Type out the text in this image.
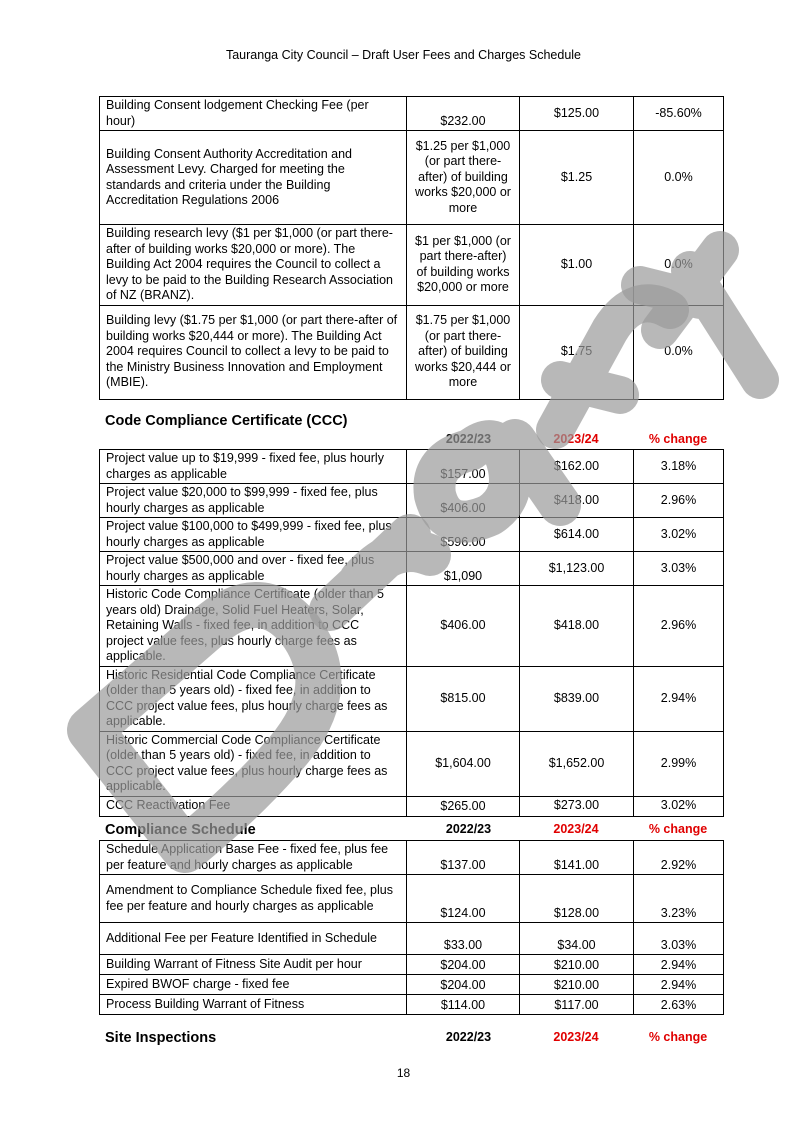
Tauranga City Council – Draft User Fees and Charges Schedule
Building Consent lodgement Checking Fee (per hour)	$232.00	$125.00	-85.60%
Building Consent Authority Accreditation and Assessment Levy. Charged for meeting the standards and criteria under the Building Accreditation Regulations 2006	$1.25 per $1,000 (or part there-after) of building works $20,000 or more	$1.25	0.0%
Building research levy ($1 per $1,000 (or part there-after of building works $20,000 or more). The Building Act 2004 requires the Council to collect a levy to be paid to the Building Research Association of NZ (BRANZ).	$1 per $1,000 (or part there-after) of building works $20,000 or more	$1.00	0.0%
Building levy ($1.75 per $1,000 (or part there-after of building works $20,444 or more). The Building Act 2004 requires Council to collect a levy to be paid to the Ministry Business Innovation and Employment (MBIE).	$1.75 per $1,000 (or part there-after) of building works $20,444 or more	$1.75	0.0%
Code Compliance Certificate (CCC)
2022/23	2023/24	% change
Project value up to $19,999 - fixed fee, plus hourly charges as applicable	$157.00	$162.00	3.18%
Project value $20,000 to $99,999 - fixed fee, plus hourly charges as applicable	$406.00	$418.00	2.96%
Project value $100,000 to $499,999 - fixed fee, plus hourly charges as applicable	$596.00	$614.00	3.02%
Project value $500,000 and over - fixed fee, plus hourly charges as applicable	$1,090	$1,123.00	3.03%
Historic Code Compliance Certificate (older than 5 years old) Drainage, Solid Fuel Heaters, Solar, Retaining Walls - fixed fee, in addition to CCC project value fees, plus hourly charge fees as applicable.	$406.00	$418.00	2.96%
Historic Residential Code Compliance Certificate (older than 5 years old) - fixed fee, in addition to CCC project value fees, plus hourly charge fees as applicable.	$815.00	$839.00	2.94%
Historic Commercial Code Compliance Certificate (older than 5 years old) - fixed fee, in addition to CCC project value fees, plus hourly charge fees as applicable.	$1,604.00	$1,652.00	2.99%
CCC Reactivation Fee	$265.00	$273.00	3.02%
Compliance Schedule	2022/23	2023/24	% change
Schedule Application Base Fee - fixed fee, plus fee per feature and hourly charges as applicable	$137.00	$141.00	2.92%
Amendment to Compliance Schedule fixed fee, plus fee per feature and hourly charges as applicable	$124.00	$128.00	3.23%
Additional Fee per Feature Identified in Schedule	$33.00	$34.00	3.03%
Building Warrant of Fitness Site Audit per hour	$204.00	$210.00	2.94%
Expired BWOF charge - fixed fee	$204.00	$210.00	2.94%
Process Building Warrant of Fitness	$114.00	$117.00	2.63%
Site Inspections	2022/23	2023/24	% change
18
